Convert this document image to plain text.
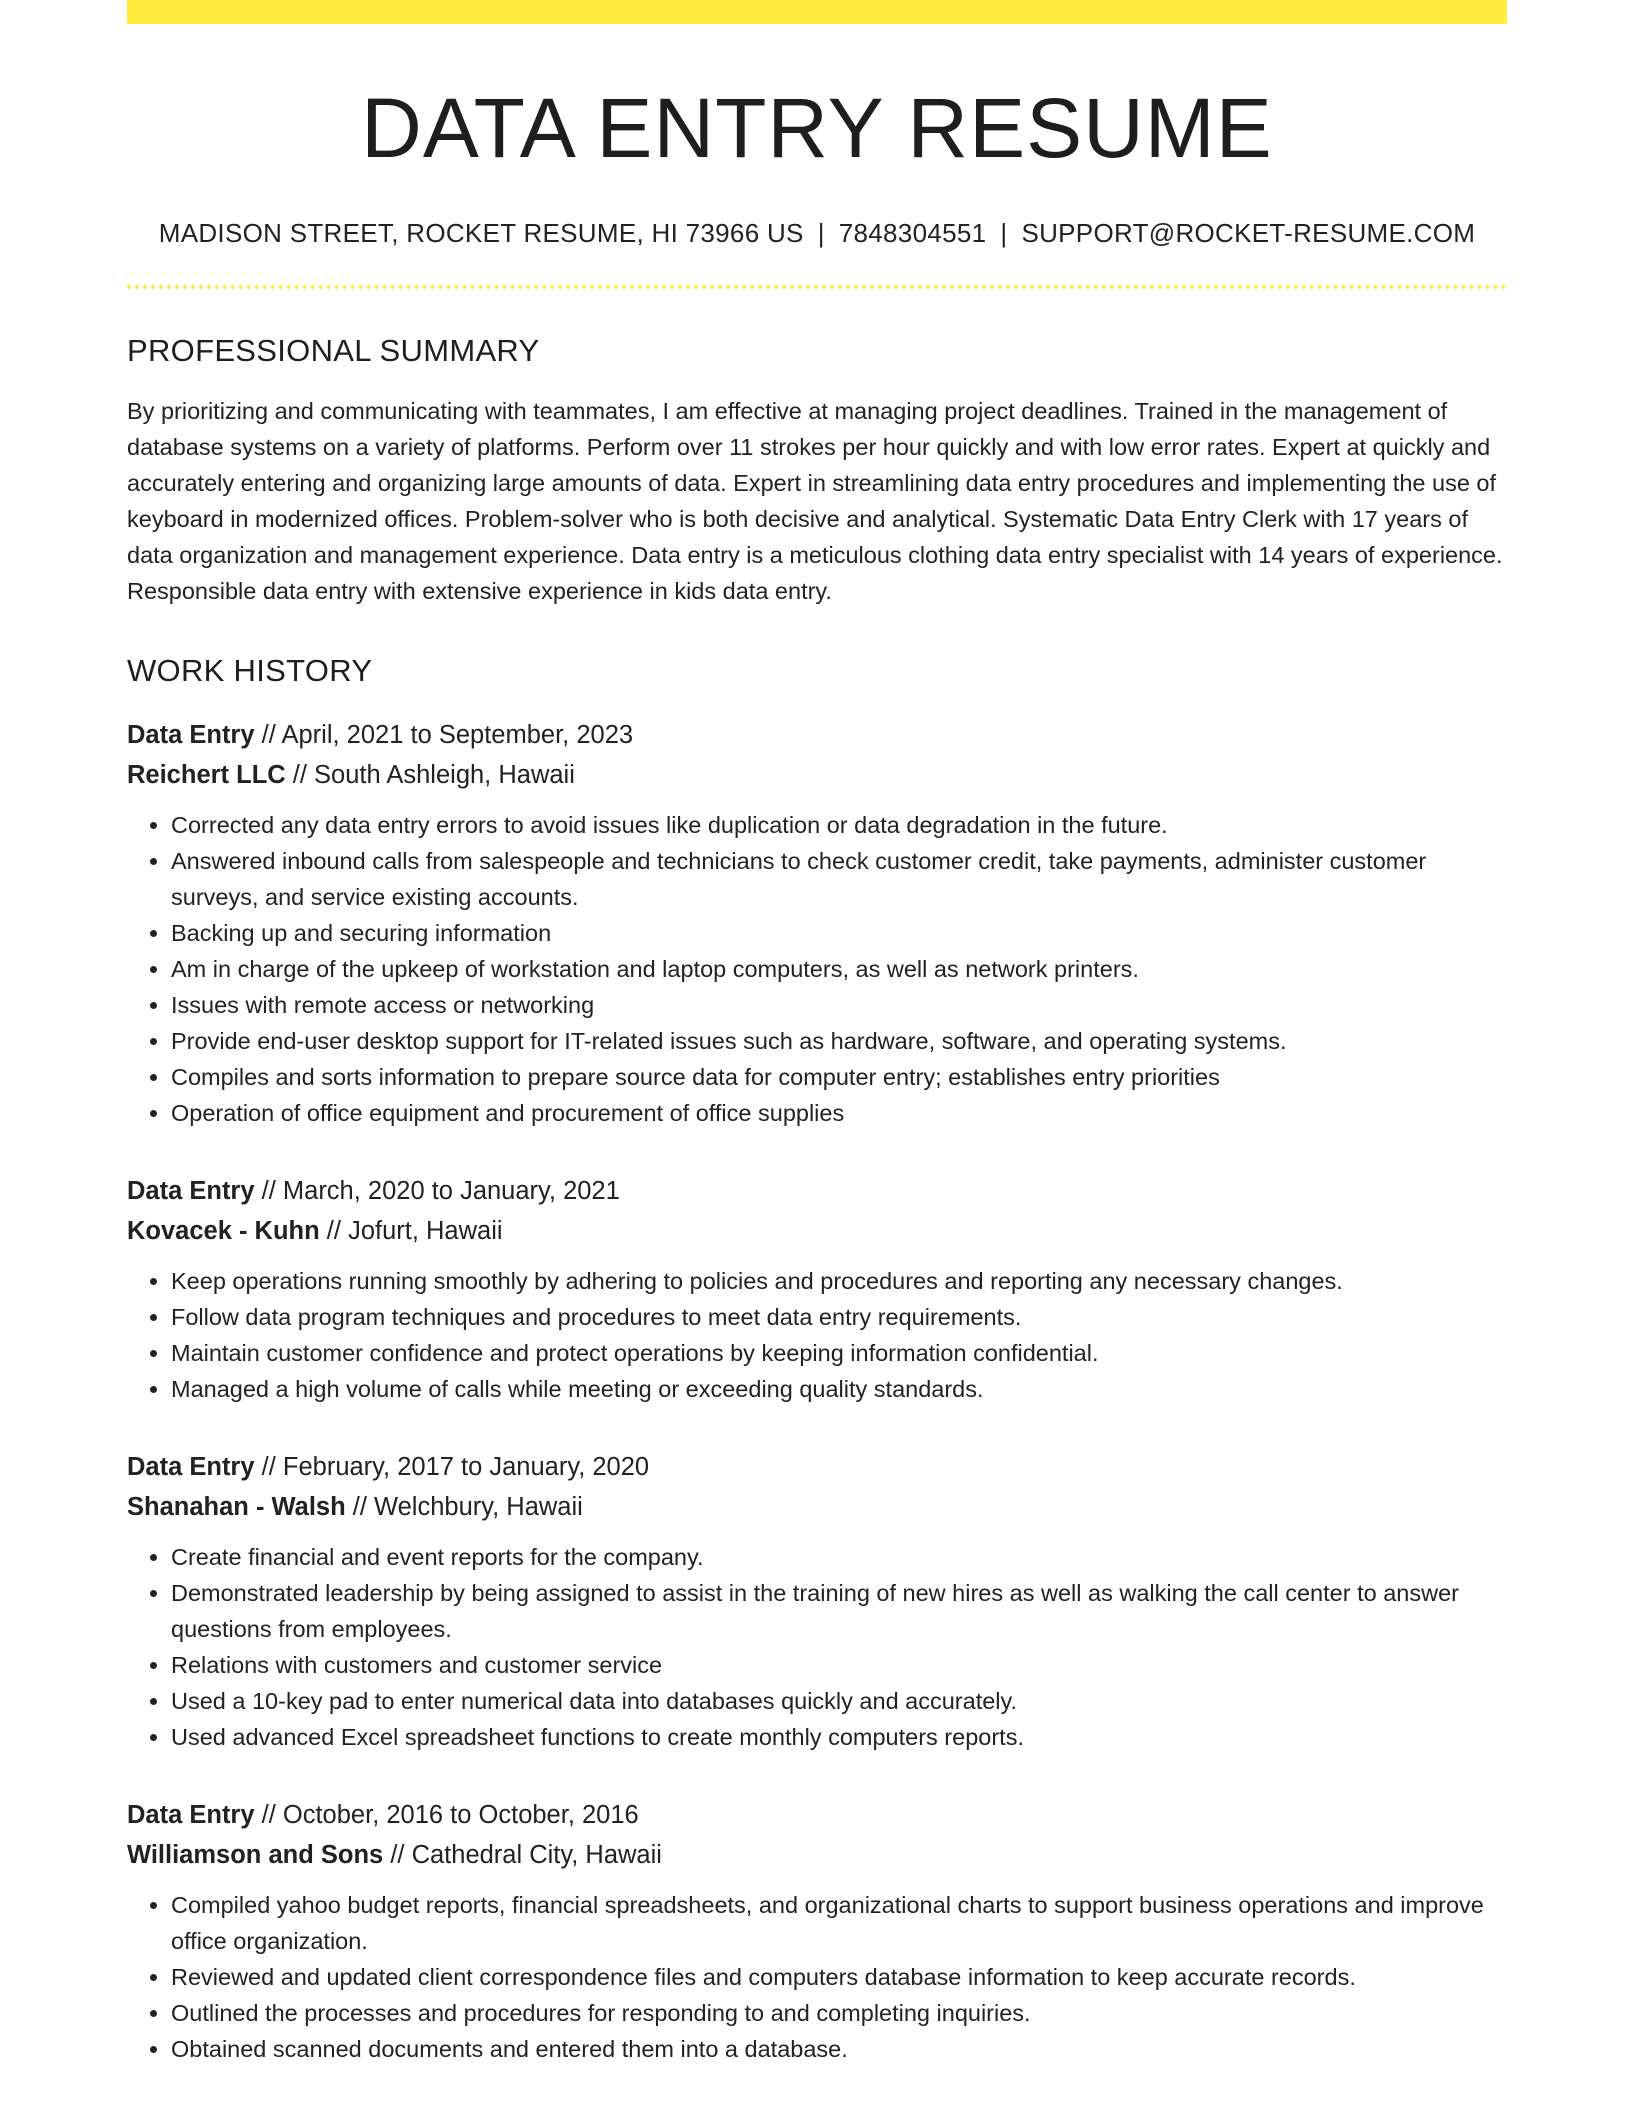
DATA ENTRY RESUME
MADISON STREET, ROCKET RESUME, HI 73966 US | 7848304551 | SUPPORT@ROCKET-RESUME.COM
PROFESSIONAL SUMMARY
By prioritizing and communicating with teammates, I am effective at managing project deadlines. Trained in the management of database systems on a variety of platforms. Perform over 11 strokes per hour quickly and with low error rates. Expert at quickly and accurately entering and organizing large amounts of data. Expert in streamlining data entry procedures and implementing the use of keyboard in modernized offices. Problem-solver who is both decisive and analytical. Systematic Data Entry Clerk with 17 years of data organization and management experience. Data entry is a meticulous clothing data entry specialist with 14 years of experience. Responsible data entry with extensive experience in kids data entry.
WORK HISTORY
Data Entry // April, 2021 to September, 2023
Reichert LLC // South Ashleigh, Hawaii
• Corrected any data entry errors to avoid issues like duplication or data degradation in the future.
• Answered inbound calls from salespeople and technicians to check customer credit, take payments, administer customer surveys, and service existing accounts.
• Backing up and securing information
• Am in charge of the upkeep of workstation and laptop computers, as well as network printers.
• Issues with remote access or networking
• Provide end-user desktop support for IT-related issues such as hardware, software, and operating systems.
• Compiles and sorts information to prepare source data for computer entry; establishes entry priorities
• Operation of office equipment and procurement of office supplies
Data Entry // March, 2020 to January, 2021
Kovacek - Kuhn // Jofurt, Hawaii
• Keep operations running smoothly by adhering to policies and procedures and reporting any necessary changes.
• Follow data program techniques and procedures to meet data entry requirements.
• Maintain customer confidence and protect operations by keeping information confidential.
• Managed a high volume of calls while meeting or exceeding quality standards.
Data Entry // February, 2017 to January, 2020
Shanahan - Walsh // Welchbury, Hawaii
• Create financial and event reports for the company.
• Demonstrated leadership by being assigned to assist in the training of new hires as well as walking the call center to answer questions from employees.
• Relations with customers and customer service
• Used a 10-key pad to enter numerical data into databases quickly and accurately.
• Used advanced Excel spreadsheet functions to create monthly computers reports.
Data Entry // October, 2016 to October, 2016
Williamson and Sons // Cathedral City, Hawaii
• Compiled yahoo budget reports, financial spreadsheets, and organizational charts to support business operations and improve office organization.
• Reviewed and updated client correspondence files and computers database information to keep accurate records.
• Outlined the processes and procedures for responding to and completing inquiries.
• Obtained scanned documents and entered them into a database.
